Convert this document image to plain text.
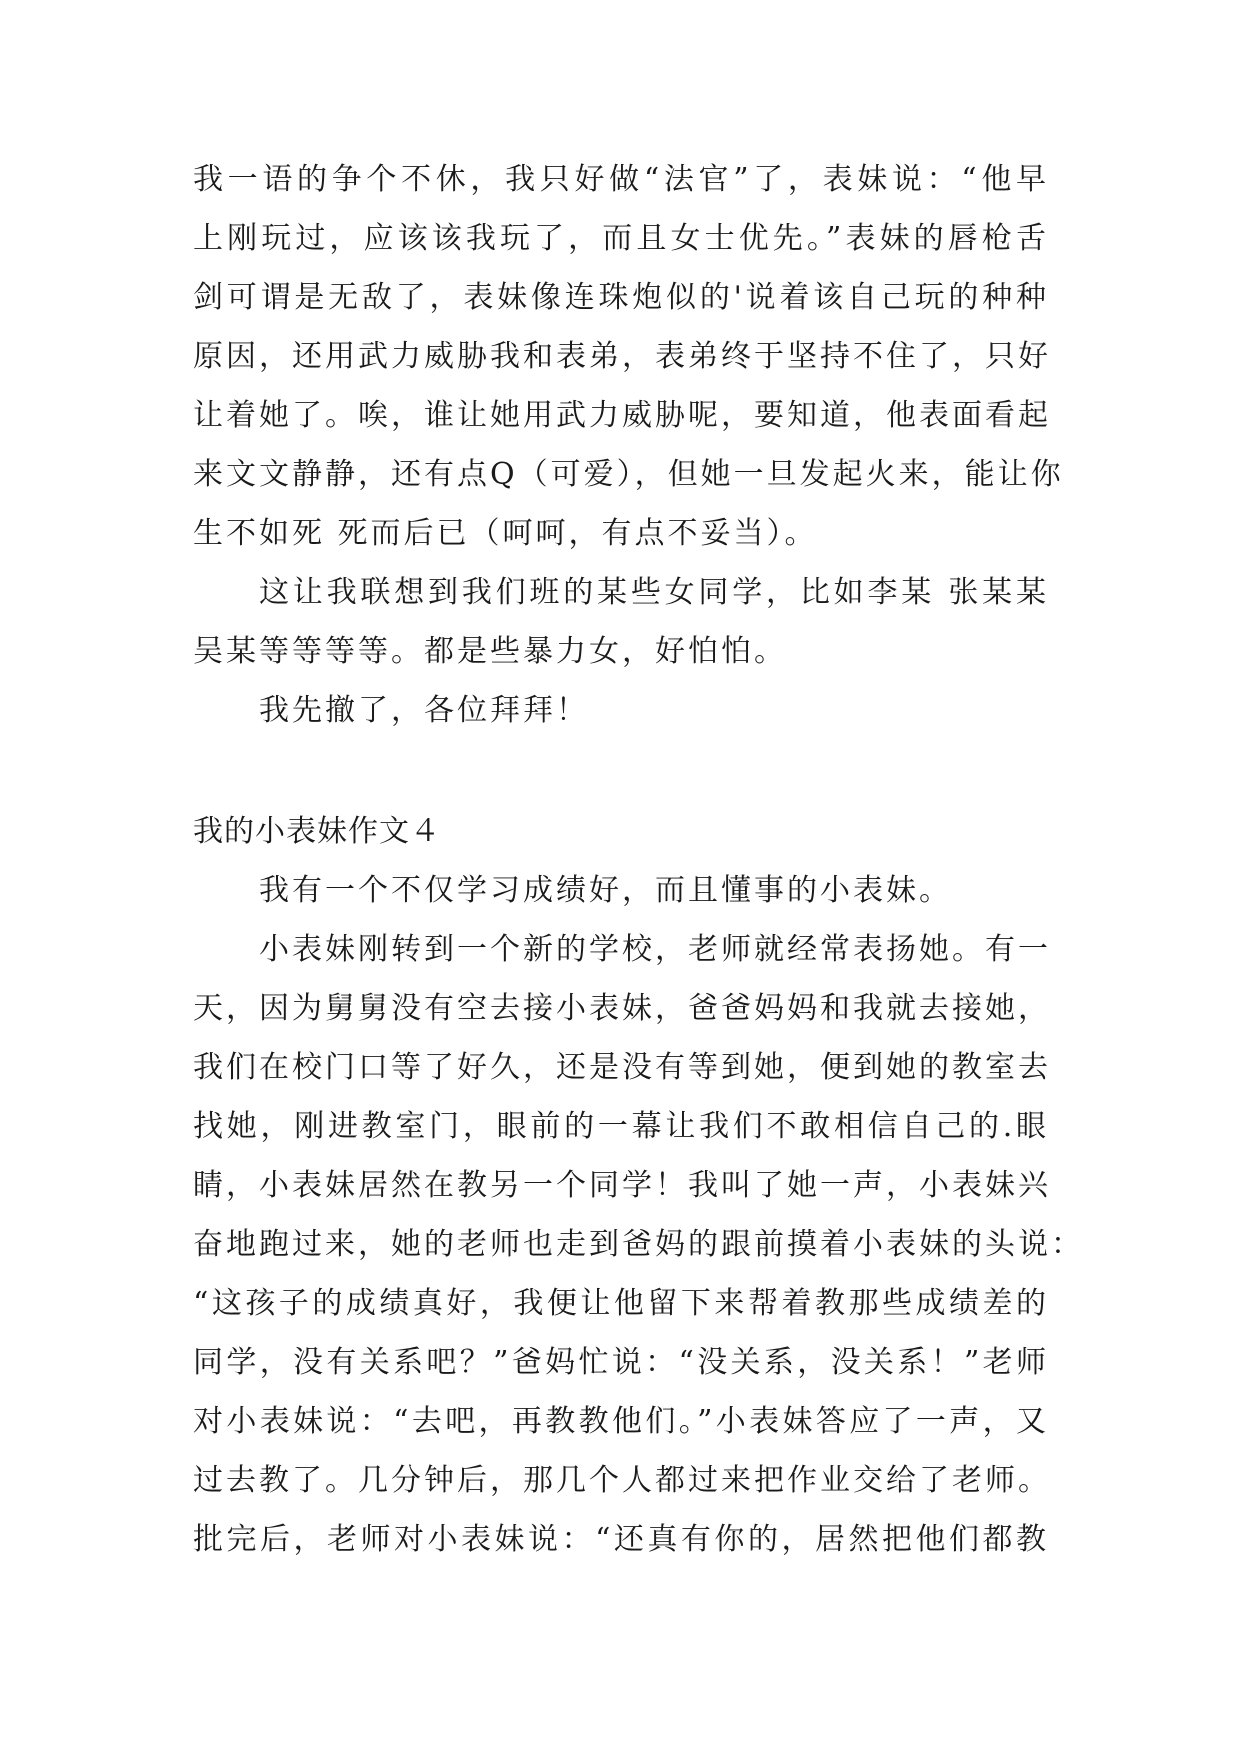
我一语的争个不休，我只好做“法官”了，表妹说：“他早
上刚玩过，应该该我玩了，而且女士优先。”表妹的唇枪舌
剑可谓是无敌了，表妹像连珠炮似的'说着该自己玩的种种
原因，还用武力威胁我和表弟，表弟终于坚持不住了，只好
让着她了。唉，谁让她用武力威胁呢，要知道，他表面看起
来文文静静，还有点Q（可爱），但她一旦发起火来，能让你
生不如死 死而后已（呵呵，有点不妥当）。
这让我联想到我们班的某些女同学，比如李某 张某某
吴某等等等等。都是些暴力女，好怕怕。
我先撤了，各位拜拜！
我的小表妹作文４
我有一个不仅学习成绩好，而且懂事的小表妹。
小表妹刚转到一个新的学校，老师就经常表扬她。有一
天，因为舅舅没有空去接小表妹，爸爸妈妈和我就去接她，
我们在校门口等了好久，还是没有等到她，便到她的教室去
找她，刚进教室门，眼前的一幕让我们不敢相信自己的.眼
睛，小表妹居然在教另一个同学！我叫了她一声，小表妹兴
奋地跑过来，她的老师也走到爸妈的跟前摸着小表妹的头说：
“这孩子的成绩真好，我便让他留下来帮着教那些成绩差的
同学，没有关系吧？”爸妈忙说：“没关系，没关系！”老师
对小表妹说：“去吧，再教教他们。”小表妹答应了一声，又
过去教了。几分钟后，那几个人都过来把作业交给了老师。
批完后，老师对小表妹说：“还真有你的，居然把他们都教
